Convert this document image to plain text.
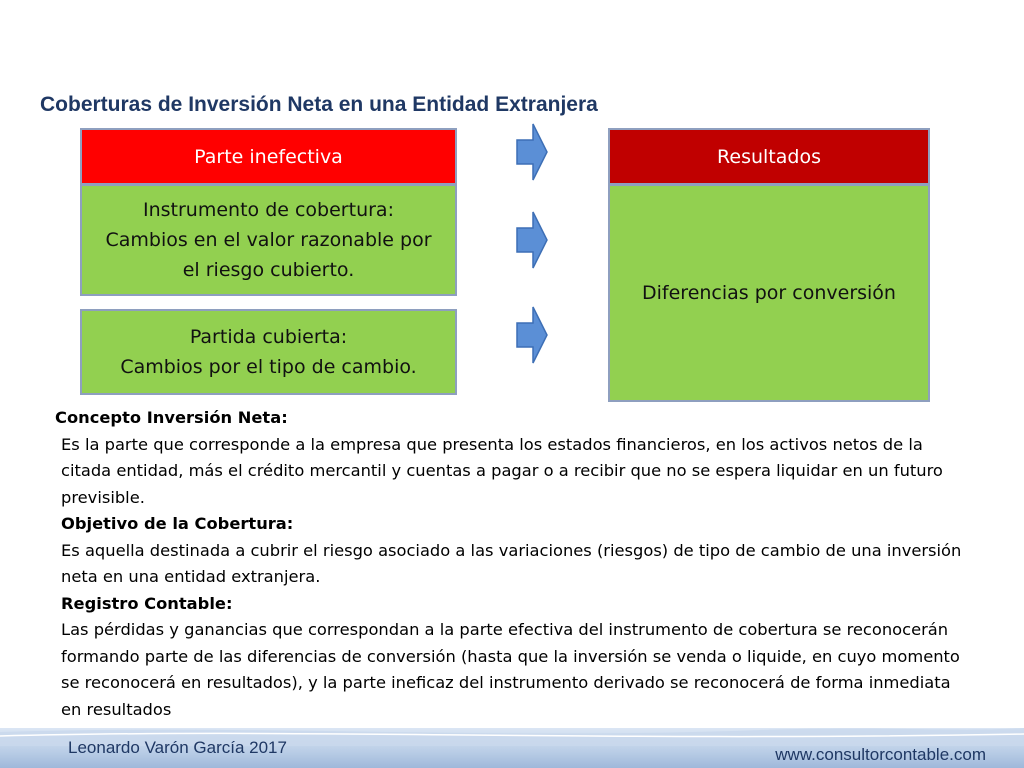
Coberturas de Inversión Neta en una Entidad Extranjera
Parte inefectiva
Instrumento de cobertura:
Cambios en el valor razonable por
el riesgo cubierto.
Partida cubierta:
Cambios por el tipo de cambio.
Resultados
Diferencias por conversión

Concepto Inversión Neta:

Es la parte que corresponde a la empresa que presenta los estados financieros, en los activos netos de la citada entidad, más el crédito mercantil y cuentas a pagar o a recibir que no se espera liquidar en un futuro previsible.

Objetivo de la Cobertura:

Es aquella destinada a cubrir el riesgo asociado a las variaciones (riesgos) de tipo de cambio de una inversión neta en una entidad extranjera.

Registro Contable:

Las pérdidas y ganancias que correspondan a la parte efectiva del instrumento de cobertura se reconocerán formando parte de las diferencias de conversión (hasta que la inversión se venda o liquide, en cuyo momento se reconocerá en resultados), y la parte ineficaz del instrumento derivado se reconocerá de forma inmediata en resultados

Leonardo Varón García 2017	www.consultorcontable.com
